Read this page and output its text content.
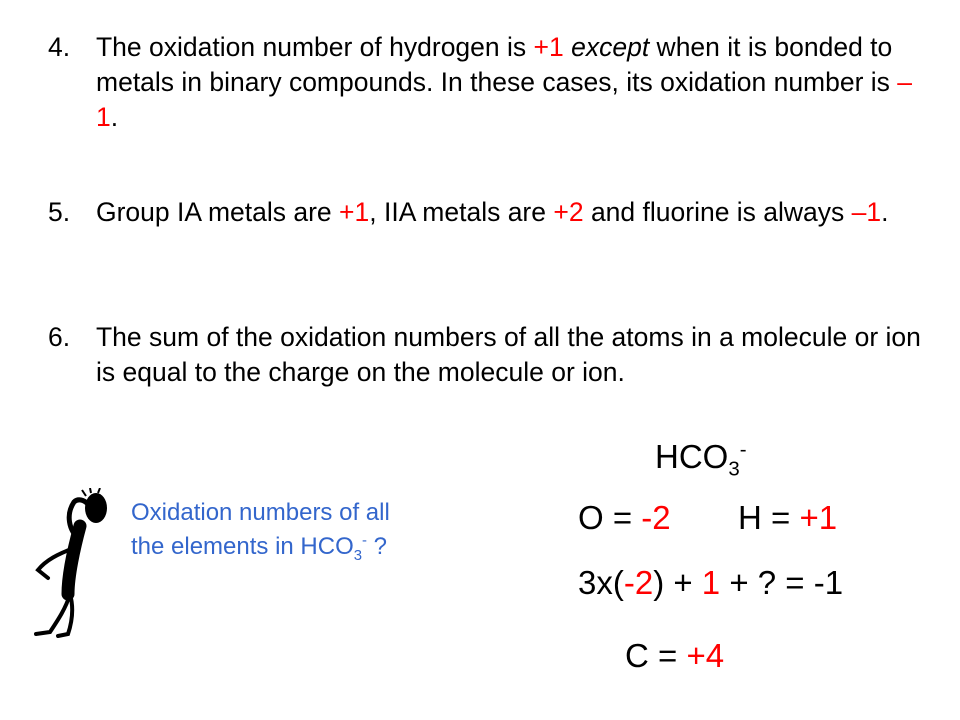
4. The oxidation number of hydrogen is +1 except when it is bonded to metals in binary compounds. In these cases, its oxidation number is –1.
5. Group IA metals are +1, IIA metals are +2 and fluorine is always –1.
6. The sum of the oxidation numbers of all the atoms in a molecule or ion is equal to the charge on the molecule or ion.
$HCO_3^-$
Oxidation numbers of all
the elements in $HCO_3^-$ ?
O = -2 H = +1
3x(-2) + 1 + ? = -1
C = +4
